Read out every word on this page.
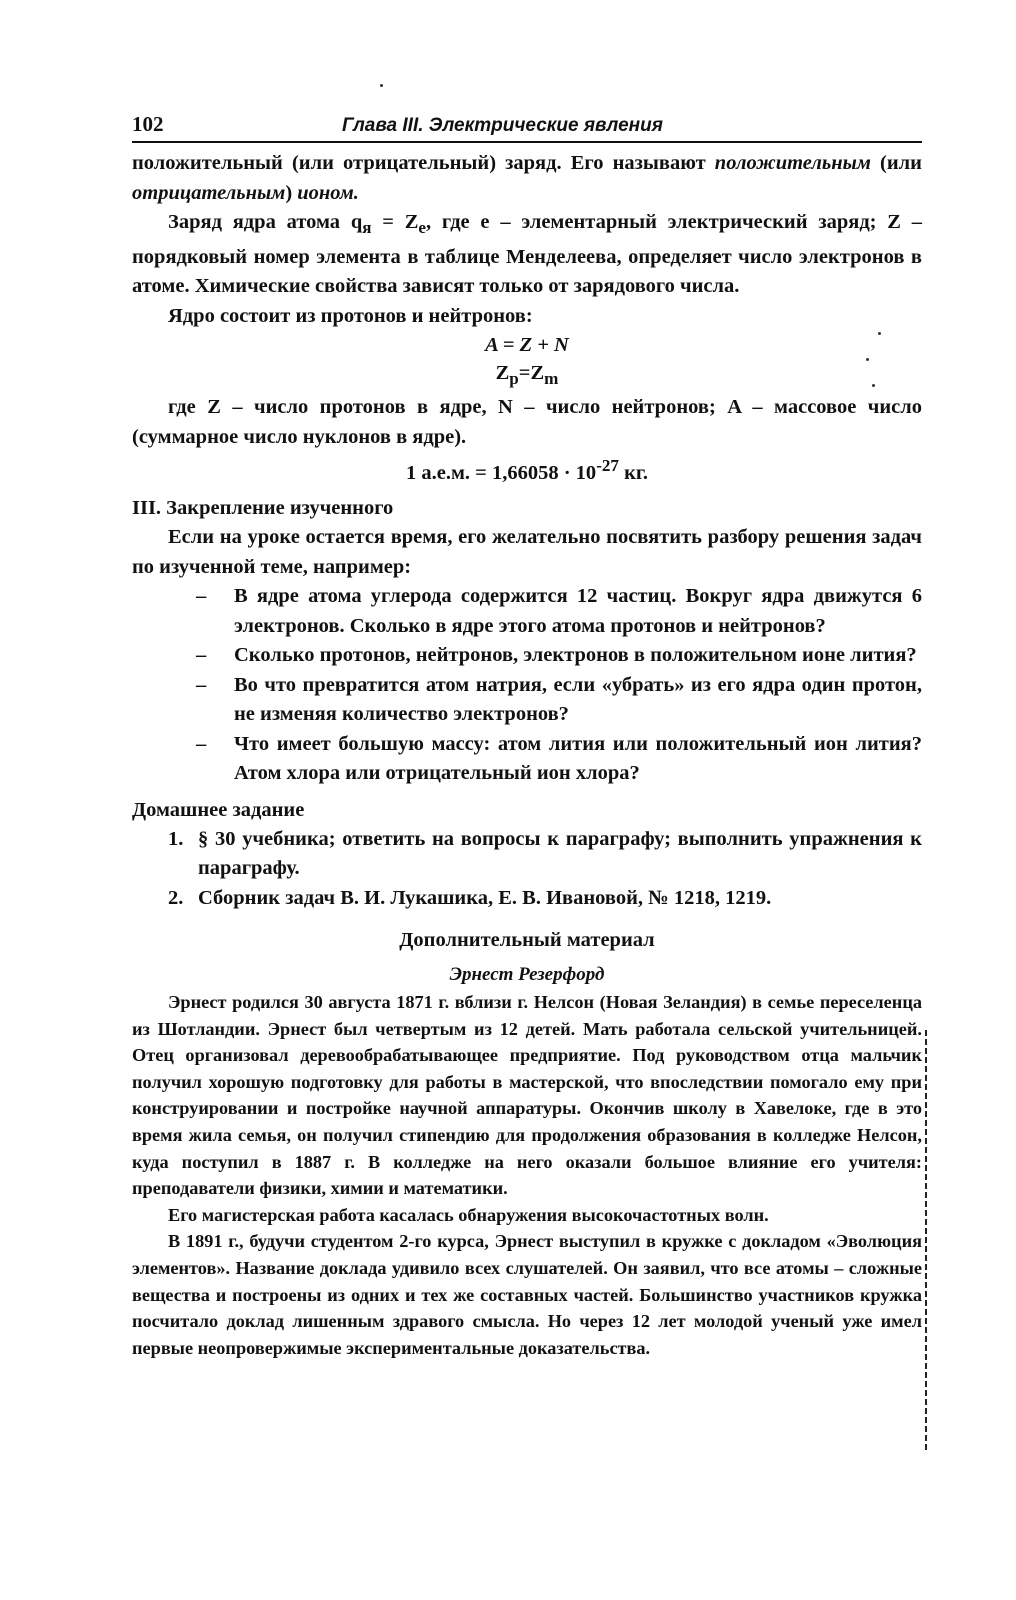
102	Глава III. Электрические явления

положительный (или отрицательный) заряд. Его называют положительным (или отрицательным) ионом.

Заряд ядра атома $q_я = Z_e$, где e – элементарный электрический заряд; Z – порядковый номер элемента в таблице Менделеева, определяет число электронов в атоме. Химические свойства зависят только от зарядового числа.

Ядро состоит из протонов и нейтронов:

A = Z + N
$Z_p=Z_m$

где Z – число протонов в ядре, N – число нейтронов; A – массовое число (суммарное число нуклонов в ядре).

1 а.е.м. = $1,66058 \cdot 10^{-27}$ кг.
III. Закрепление изученного

Если на уроке остается время, его желательно посвятить разбору решения задач по изученной теме, например:

– В ядре атома углерода содержится 12 частиц. Вокруг ядра движутся 6 электронов. Сколько в ядре этого атома протонов и нейтронов?
– Сколько протонов, нейтронов, электронов в положительном ионе лития?
– Во что превратится атом натрия, если «убрать» из его ядра один протон, не изменяя количество электронов?
– Что имеет большую массу: атом лития или положительный ион лития? Атом хлора или отрицательный ион хлора?
Домашнее задание
1. § 30 учебника; ответить на вопросы к параграфу; выполнить упражнения к параграфу.
2. Сборник задач В. И. Лукашика, Е. В. Ивановой, № 1218, 1219.
Дополнительный материал
Эрнест Резерфорд

Эрнест родился 30 августа 1871 г. вблизи г. Нелсон (Новая Зеландия) в семье переселенца из Шотландии. Эрнест был четвертым из 12 детей. Мать работала сельской учительницей. Отец организовал деревообрабатывающее предприятие. Под руководством отца мальчик получил хорошую подготовку для работы в мастерской, что впоследствии помогало ему при конструировании и постройке научной аппаратуры. Окончив школу в Хавелоке, где в это время жила семья, он получил стипендию для продолжения образования в колледже Нелсон, куда поступил в 1887 г. В колледже на него оказали большое влияние его учителя: преподаватели физики, химии и математики.

Его магистерская работа касалась обнаружения высокочастотных волн.

В 1891 г., будучи студентом 2-го курса, Эрнест выступил в кружке с докладом «Эволюция элементов». Название доклада удивило всех слушателей. Он заявил, что все атомы – сложные вещества и построены из одних и тех же составных частей. Большинство участников кружка посчитало доклад лишенным здравого смысла. Но через 12 лет молодой ученый уже имел первые неопровержимые экспериментальные доказательства.
